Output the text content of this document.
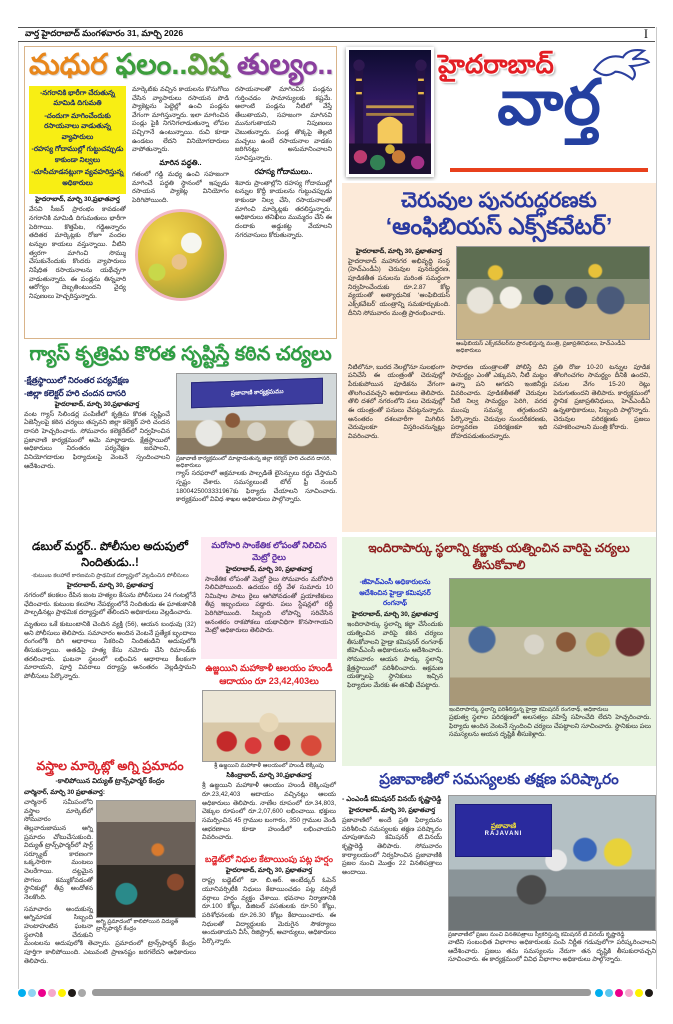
వార్త హైదరాబాద్ మంగళవారం 31, మార్చి 2026	I
మధుర ఫలం..విష తుల్యం..
-నగరానికి భారీగా చేరుతున్న మామిడి దిగుమతి
-చందుగా మాగించేందుకు రసాయనాలు వాడుతున్న వ్యాపారులు
-రహస్య గోదాముల్లో గుట్టుచప్పుడు కాకుండా నిల్వలు
-చూసీచూడనట్లుగా వ్యవహరిస్తున్న అధికారులు
హైదరాబాద్, మార్చి 30,ప్రభాతవార్త

వేసవి సీజన్ ప్రారంభం కావడంతో నగరానికి మామిడి దిగుమతులు భారీగా పెరిగాయి. కొత్తపేట, గడ్డిఅన్నారం తదితర మార్కెట్లకు రోజూ వందల టన్నుల కాయలు వస్తున్నాయి. వీటిని త్వరగా మాగించి సొమ్ము చేసుకునేందుకు కొందరు వ్యాపారులు నిషేధిత రసాయనాలను యథేచ్ఛగా వాడుతున్నారు. ఈ పండ్లను తిన్నవారి ఆరోగ్యం దెబ్బతింటుందని వైద్య నిపుణులు హెచ్చరిస్తున్నారు.

మార్కెట్‌కు వచ్చిన కాయలను కొనుగోలు చేసిన వ్యాపారులు రసాయన పొడి ప్యాకెట్లను పెట్టెల్లో ఉంచి పండ్లను వేగంగా మాగిస్తున్నారు. ఇలా మాగించిన పండ్లు పైకి నిగనిగలాడుతున్నా లోపల పచ్చిగానే ఉంటున్నాయి. రుచి కూడా ఉండటం లేదని వినియోగదారులు వాపోతున్నారు.

మారిన పద్ధతి..

గతంలో గడ్డి మధ్య ఉంచి సహజంగా మాగించే పద్ధతి స్థానంలో ఇప్పుడు రసాయన ప్యాకెట్ల వినియోగం పెరిగిపోయింది.

రసాయనాలతో మాగించిన పండ్లను గుర్తించడం సామాన్యులకు కష్టమే. అలాంటి పండ్లను నీటిలో వేస్తే తేలుతాయని, సహజంగా మాగినవి మునుగుతాయని నిపుణులు చెబుతున్నారు. పండ్ల తొక్కపై తెల్లటి మచ్చలు ఉంటే రసాయనాల వాడకం జరిగినట్లు అనుమానించాలని సూచిస్తున్నారు.

రహస్య గోదాములు..

శివారు ప్రాంతాల్లోని రహస్య గోదాముల్లో టన్నుల కొద్దీ కాయలను గుట్టుచప్పుడు కాకుండా నిల్వ చేసి, రసాయనాలతో మాగించి మార్కెట్లకు తరలిస్తున్నారు. అధికారులు తనిఖీలు ముమ్మరం చేసి ఈ దందాకు అడ్డుకట్ట వేయాలని నగరవాసులు కోరుతున్నారు.

హైదరాబాద్
వార్త
చెరువుల పునరుద్ధరణకు
‘ఆంఫిబియస్ ఎక్స్‌కవేటర్’
హైదరాబాద్, మార్చి 30, ప్రభాతవార్త

హైదరాబాద్ మహానగర అభివృద్ధి సంస్థ (హెచ్ఎండీఏ) చెరువుల పునరుద్ధరణ, పూడికతీత పనులను మరింత సమర్థంగా నిర్వహించేందుకు రూ.2.87 కోట్ల వ్యయంతో అత్యాధునిక ‘ఆంఫిబియస్ ఎక్స్‌కవేటర్’ యంత్రాన్ని సమకూర్చుకుంది. దీనిని సోమవారం మంత్రి ప్రారంభించారు.

ఆంఫిబియస్ ఎక్స్‌కవేటర్‌ను ప్రారంభిస్తున్న మంత్రి, ప్రజాప్రతినిధులు, హెచ్ఎండీఏ అధికారులు

నీటిలోనూ, బురద నేలల్లోనూ సులభంగా పనిచేసే ఈ యంత్రంతో చెరువుల్లో పేరుకుపోయిన పూడికను వేగంగా తొలగించవచ్చని అధికారులు తెలిపారు. తొలి దశలో నగరంలోని పలు చెరువుల్లో ఈ యంత్రంతో పనులు చేపట్టనున్నారు. అనంతరం దశలవారీగా మిగిలిన చెరువులకూ విస్తరించనున్నట్లు వివరించారు.

సాధారణ యంత్రాలతో పోలిస్తే దీని సామర్థ్యం ఎంతో ఎక్కువని, నీటి మట్టం ఉన్నా పని ఆగదని ఇంజినీర్లు వివరించారు. పూడికతీతతో చెరువుల నీటి నిల్వ సామర్థ్యం పెరిగి, వరద ముంపు సమస్య తగ్గుతుందని పేర్కొన్నారు. చెరువుల సుందరీకరణకు, పర్యావరణ పరిరక్షణకూ ఇది దోహదపడుతుందన్నారు.

ప్రతి రోజు 10-20 టన్నుల పూడిక తొలగించగల సామర్థ్యం దీనికి ఉందని, పనుల వేగం 15-20 రెట్లు పెరుగుతుందని తెలిపారు. కార్యక్రమంలో స్థానిక ప్రజాప్రతినిధులు, హెచ్ఎండీఏ ఉన్నతాధికారులు, సిబ్బంది పాల్గొన్నారు. చెరువుల పరిరక్షణకు ప్రజలు సహకరించాలని మంత్రి కోరారు.

గ్యాస్ కృత్రిమ కొరత సృష్టిస్తే కఠిన చర్యలు
-క్షేత్రస్థాయిలో నిరంతర పర్యవేక్షణ
-జిల్లా కలెక్టర్ హరి చందన దాసరి
హైదరాబాద్, మార్చి 30,ప్రభాతవార్త

వంట గ్యాస్ సిలిండర్ల పంపిణీలో కృత్రిమ కొరత సృష్టించే ఏజెన్సీలపై కఠిన చర్యలు తప్పవని జిల్లా కలెక్టర్ హరి చందన దాసరి హెచ్చరించారు. సోమవారం కలెక్టరేట్‌లో నిర్వహించిన ప్రజావాణి కార్యక్రమంలో ఆమె మాట్లాడారు. క్షేత్రస్థాయిలో అధికారులు నిరంతరం పర్యవేక్షణ జరపాలని, వినియోగదారుల ఫిర్యాదులపై వెంటనే స్పందించాలని ఆదేశించారు.

ప్రజావాణి కార్యక్రమము
ప్రజావాణి కార్యక్రమంలో మాట్లాడుతున్న జిల్లా కలెక్టర్ హరి చందన దాసరి, అధికారులు

గ్యాస్ సరఫరాలో అక్రమాలకు పాల్పడితే లైసెన్సులు రద్దు చేస్తామని స్పష్టం చేశారు. సమస్యలుంటే టోల్ ఫ్రీ నంబర్ 1800425003331967కు ఫిర్యాదు చేయాలని సూచించారు. కార్యక్రమంలో వివిధ శాఖల అధికారులు పాల్గొన్నారు.

డబుల్ మర్డర్.. పోలీసుల అదుపులో నిందితుడు..!
-కుటుంబ కలహాలే కారణమని ప్రాథమిక దర్యాప్తులో వెల్లడించిన పోలీసులు
హైదరాబాద్, మార్చి 30, ప్రభాతవార్త

నగరంలో కలకలం రేపిన జంట హత్యల కేసును పోలీసులు 24 గంటల్లోనే ఛేదించారు. కుటుంబ కలహాల నేపథ్యంలోనే నిందితుడు ఈ ఘాతుకానికి పాల్పడినట్లు ప్రాథమిక దర్యాప్తులో తేలిందని అధికారులు వెల్లడించారు.

మృతులు ఒకే కుటుంబానికి చెందిన వ్యక్తి (56), ఆయన బంధువు (32) అని పోలీసులు తెలిపారు. సమాచారం అందిన వెంటనే ప్రత్యేక బృందాలు రంగంలోకి దిగి ఆధారాలు సేకరించి నిందితుడిని అదుపులోకి తీసుకున్నాయి. అతడిపై హత్య కేసు నమోదు చేసి రిమాండ్‌కు తరలించారు. ఘటనా స్థలంలో లభించిన ఆధారాలు కీలకంగా మారాయని, పూర్తి వివరాలు దర్యాప్తు అనంతరం వెల్లడిస్తామని పోలీసులు పేర్కొన్నారు.

వస్త్రాల మార్కెట్లో అగ్ని ప్రమాదం
-కాలిపోయిన విద్యుత్ ట్రాన్స్‌ఫార్మర్ కేంద్రం
చార్మినార్, మార్చి 30 ప్రభాతవార్త:
అగ్ని ప్రమాదంలో కాలిపోయిన విద్యుత్ ట్రాన్స్‌ఫార్మర్ కేంద్రం

చార్మినార్ సమీపంలోని వస్త్రాల మార్కెట్‌లో సోమవారం తెల్లవారుజామున అగ్ని ప్రమాదం చోటుచేసుకుంది. విద్యుత్ ట్రాన్స్‌ఫార్మర్‌లో షార్ట్ సర్క్యూట్ కారణంగా ఒక్కసారిగా మంటలు చెలరేగాయి. దట్టమైన పొగలు కమ్ముకోవడంతో స్థానికుల్లో తీవ్ర ఆందోళన నెలకొంది.

సమాచారం అందుకున్న అగ్నిమాపక సిబ్బంది హుటాహుటిన ఘటనా స్థలానికి చేరుకుని మంటలను అదుపులోకి తెచ్చారు. ప్రమాదంలో ట్రాన్స్‌ఫార్మర్ కేంద్రం పూర్తిగా కాలిపోయింది. ఎటువంటి ప్రాణనష్టం జరగలేదని అధికారులు తెలిపారు.

మరోసారి సాంకేతిక లోపంతో నిలిచిన మెట్రో రైలు
హైదరాబాద్, మార్చి 30, ప్రభాతవార్త

సాంకేతిక లోపంతో మెట్రో రైలు సోమవారం మరోసారి నిలిచిపోయింది. ఉదయం రద్దీ వేళ సుమారు 10 నిమిషాల పాటు రైలు ఆగిపోవడంతో ప్రయాణికులు తీవ్ర ఇబ్బందులు పడ్డారు. పలు స్టేషన్లలో రద్దీ పెరిగిపోయింది. సిబ్బంది లోపాన్ని సరిచేసిన అనంతరం రాకపోకలు యథావిధిగా కొనసాగాయని మెట్రో అధికారులు తెలిపారు.

ఉజ్జయిని మహాకాళీ ఆలయం హుండీ ఆదాయం రూ 23,42,403లు
శ్రీ ఉజ్జయిని మహాకాళీ ఆలయంలో హుండీ లెక్కింపు
సికింద్రాబాద్, మార్చి 30,ప్రభాతవార్త

శ్రీ ఉజ్జయిని మహాకాళీ ఆలయం హుండీ లెక్కింపులో రూ.23,42,403 ఆదాయం వచ్చినట్లు ఆలయ అధికారులు తెలిపారు. నాణేల రూపంలో రూ.34,803, చెక్కుల రూపంలో రూ.2,07,600 లభించాయి. భక్తులు సమర్పించిన 45 గ్రాముల బంగారం, 350 గ్రాముల వెండి ఆభరణాలు కూడా హుండీలో లభించాయని వివరించారు.

బడ్జెట్‌లో నిధుల కేటాయింపు పట్ల హర్షం
హైదరాబాద్, మార్చి 30, ప్రభాతవార్త

రాష్ట్ర బడ్జెట్‌లో డా. బి.ఆర్. అంబేడ్కర్ ఓపెన్ యూనివర్సిటీకి నిధులు కేటాయించడం పట్ల వర్సిటీ వర్గాలు హర్షం వ్యక్తం చేశాయి. భవనాల నిర్మాణానికి రూ.100 కోట్లు, డిజిటల్ వసతులకు రూ.50 కోట్లు, పరిశోధనలకు రూ.26.30 కోట్లు కేటాయించారు. ఈ నిధులతో విద్యార్థులకు మెరుగైన సౌకర్యాలు అందుతాయని వీసీ, రిజిస్ట్రార్, ఆచార్యులు, అధికారులు పేర్కొన్నారు.

ఇందిరాపార్కు స్థలాన్ని కబ్జాకు యత్నించిన వారిపై చర్యలు తీసుకోవాలి
-జీహెచ్ఎంసీ అధికారులను
ఆదేశించిన హైడ్రా కమిషనర్ రంగనాథ్
హైదరాబాద్, మార్చి 30, ప్రభాతవార్త

ఇందిరాపార్కు స్థలాన్ని కబ్జా చేసేందుకు యత్నించిన వారిపై కఠిన చర్యలు తీసుకోవాలని హైడ్రా కమిషనర్ రంగనాథ్ జీహెచ్ఎంసీ అధికారులను ఆదేశించారు. సోమవారం ఆయన పార్కు స్థలాన్ని క్షేత్రస్థాయిలో పరిశీలించారు. ఆక్రమణ యత్నాలపై స్థానికులు ఇచ్చిన ఫిర్యాదుల మేరకు ఈ తనిఖీ చేపట్టారు.

ఇందిరాపార్కు స్థలాన్ని పరిశీలిస్తున్న హైడ్రా కమిషనర్ రంగనాథ్, అధికారులు

ప్రభుత్వ స్థలాల పరిరక్షణలో అలసత్వం వహిస్తే సహించేది లేదని హెచ్చరించారు. ఫిర్యాదు అందిన వెంటనే స్పందించి చర్యలు చేపట్టాలని సూచించారు. స్థానికులు పలు సమస్యలను ఆయన దృష్టికి తీసుకెళ్లారు.

ప్రజావాణిలో సమస్యలకు తక్షణ పరిష్కారం
- ఎంఎండీ కమిషనర్ వినయ్ కృష్ణారెడ్డి
హైదరాబాద్, మార్చి 30, ప్రభాతవార్త

ప్రజావాణిలో అందే ప్రతి ఫిర్యాదును పరిశీలించి సమస్యలకు తక్షణ పరిష్కారం చూపుతామని కమిషనర్ టి.వినయ్ కృష్ణారెడ్డి తెలిపారు. సోమవారం కార్యాలయంలో నిర్వహించిన ప్రజావాణికి ప్రజల నుంచి మొత్తం 22 వినతిపత్రాలు అందాయి.

ప్రజావాణి
RAJAVANI
ప్రజావాణిలో ప్రజల నుంచి వినతిపత్రాలు స్వీకరిస్తున్న కమిషనర్ టి.వినయ్ కృష్ణారెడ్డి

వాటిని సంబంధిత విభాగాల అధికారులకు పంపి నిర్ణీత గడువులోగా పరిష్కరించాలని ఆదేశించారు. ప్రజలు తమ సమస్యలను నేరుగా తన దృష్టికి తీసుకురావచ్చని సూచించారు. ఈ కార్యక్రమంలో వివిధ విభాగాల అధికారులు పాల్గొన్నారు.
